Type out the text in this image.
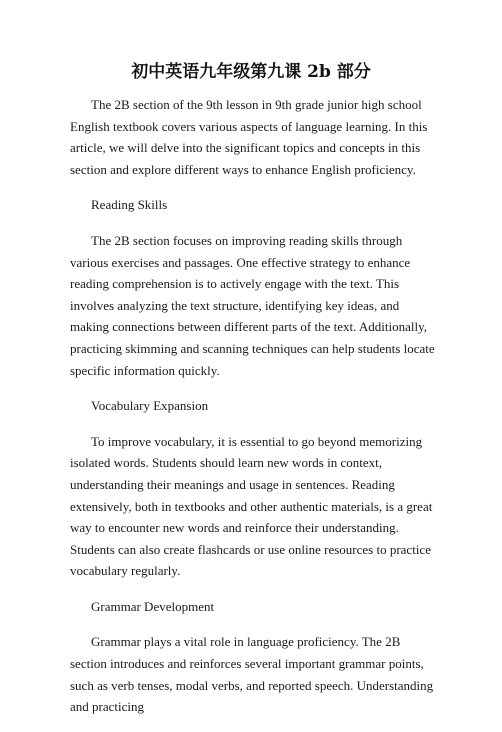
初中英语九年级第九课 2b 部分

The 2B section of the 9th lesson in 9th grade junior high school English textbook covers various aspects of language learning. In this article, we will delve into the significant topics and concepts in this section and explore different ways to enhance English proficiency.

Reading Skills

The 2B section focuses on improving reading skills through various exercises and passages. One effective strategy to enhance reading comprehension is to actively engage with the text. This involves analyzing the text structure, identifying key ideas, and making connections between different parts of the text. Additionally, practicing skimming and scanning techniques can help students locate specific information quickly.

Vocabulary Expansion

To improve vocabulary, it is essential to go beyond memorizing isolated words. Students should learn new words in context, understanding their meanings and usage in sentences. Reading extensively, both in textbooks and other authentic materials, is a great way to encounter new words and reinforce their understanding. Students can also create flashcards or use online resources to practice vocabulary regularly.

Grammar Development

Grammar plays a vital role in language proficiency. The 2B section introduces and reinforces several important grammar points, such as verb tenses, modal verbs, and reported speech. Understanding and practicing
